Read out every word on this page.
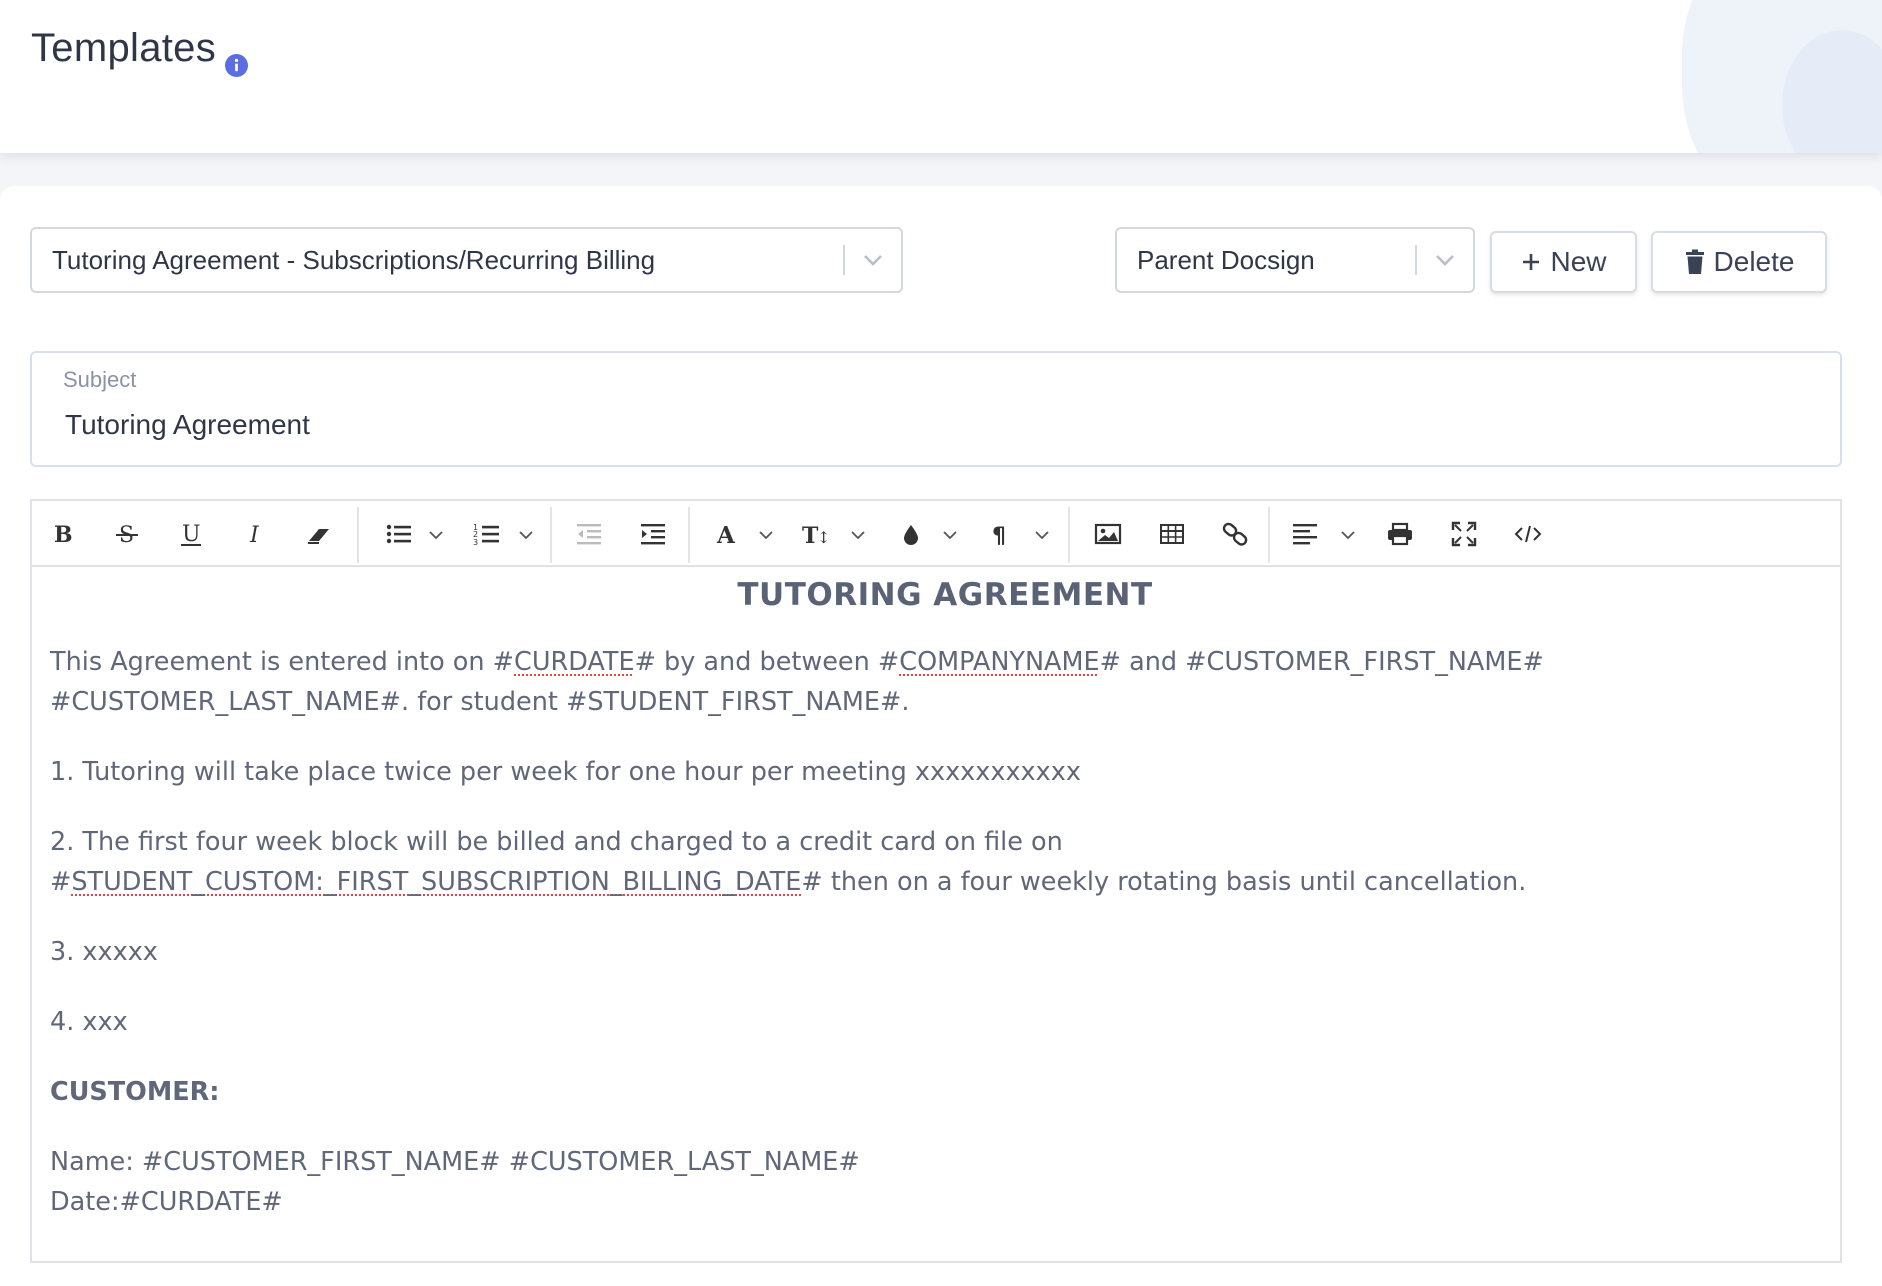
Templates
Tutoring Agreement - Subscriptions/Recurring Billing	Parent Docsign	New	Delete
Subject
Tutoring Agreement
B S U I	1
2
3	A	T
↕	¶
TUTORING AGREEMENT

This Agreement is entered into on #CURDATE# by and between #COMPANYNAME# and #CUSTOMER_FIRST_NAME# #CUSTOMER_LAST_NAME#. for student #STUDENT_FIRST_NAME#.

1. Tutoring will take place twice per week for one hour per meeting xxxxxxxxxxx

2. The first four week block will be billed and charged to a credit card on file on #STUDENT_CUSTOM:_FIRST_SUBSCRIPTION_BILLING_DATE# then on a four weekly rotating basis until cancellation.

3. xxxxx

4. xxx

CUSTOMER:

Name: #CUSTOMER_FIRST_NAME# #CUSTOMER_LAST_NAME#

Date:#CURDATE#
